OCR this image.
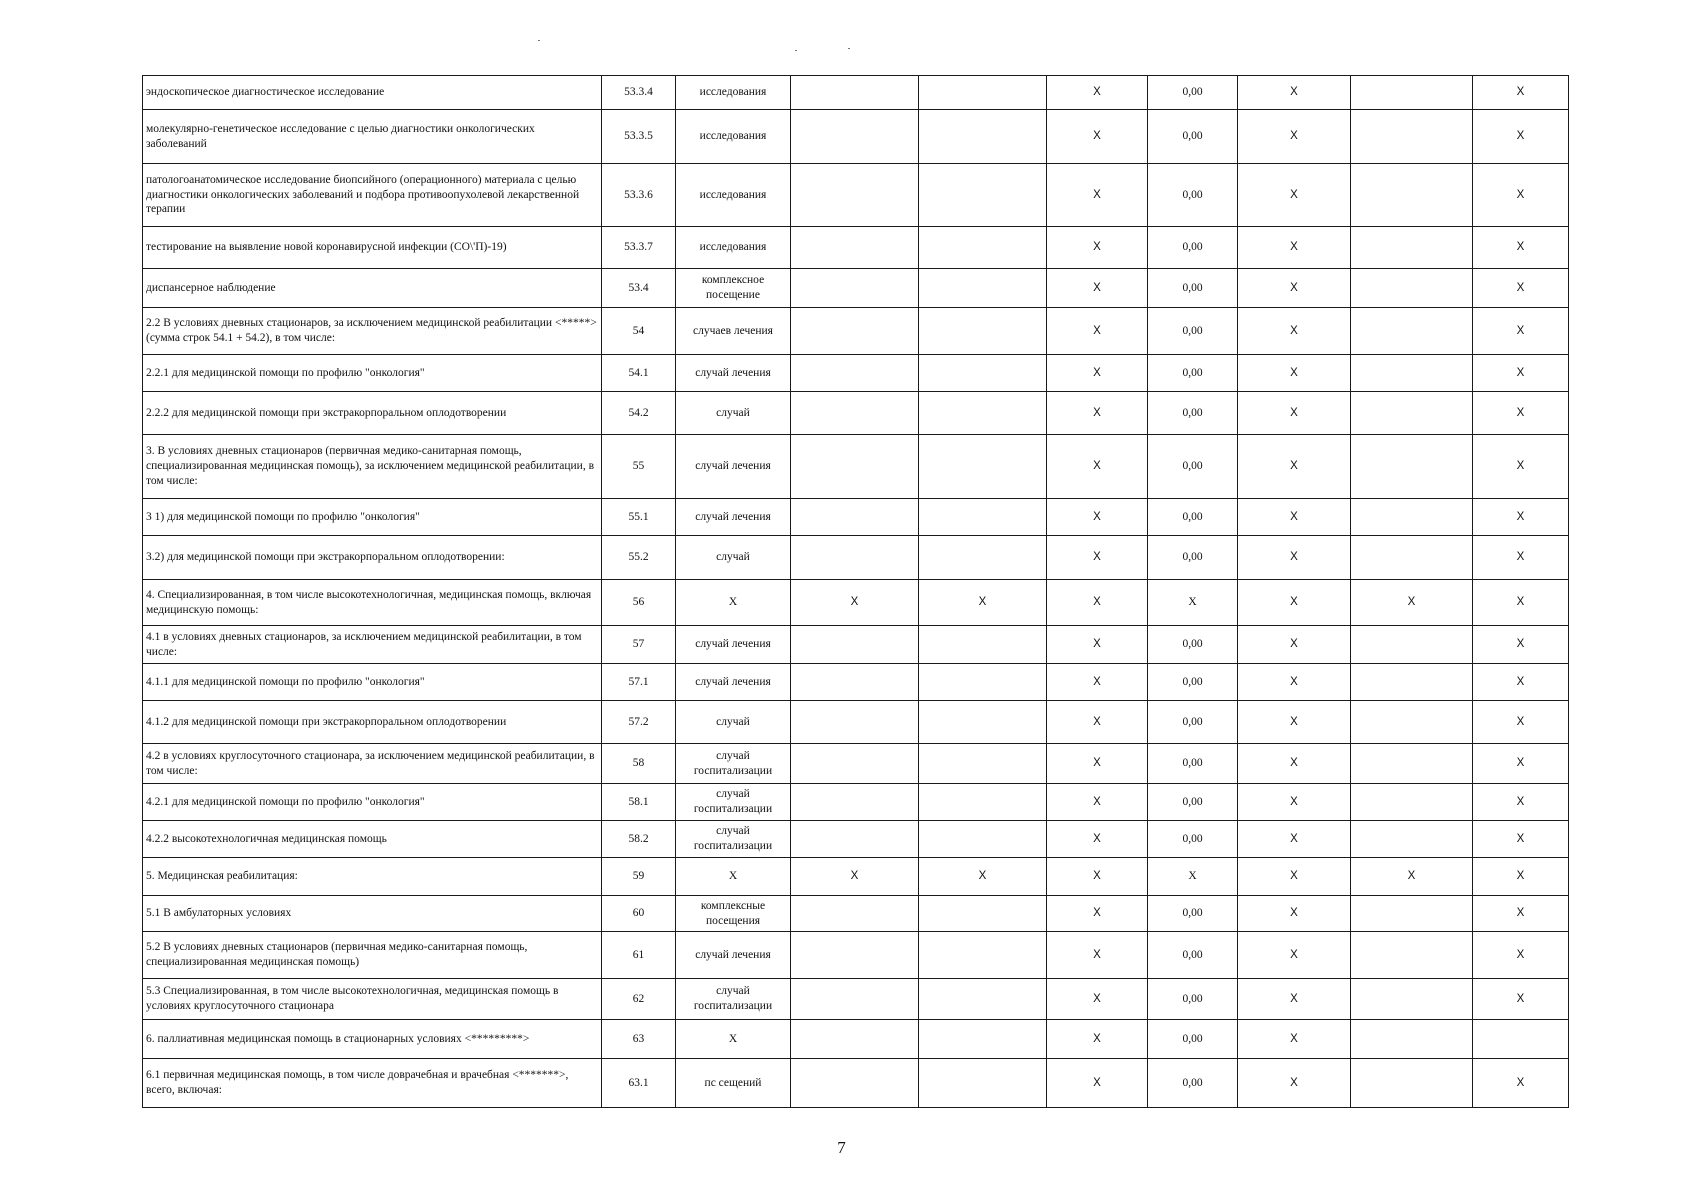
эндоскопическое диагностическое исследование	53.3.4	исследования			X	0,00	X		X
молекулярно-генетическое исследование с целью диагностики онкологических заболеваний	53.3.5	исследования			X	0,00	X		X
патологоанатомическое исследование биопсийного (операционного) материала с целью диагностики онкологических заболеваний и подбора противоопухолевой лекарственной терапии	53.3.6	исследования			X	0,00	X		X
тестирование на выявление новой коронавирусной инфекции (CO\'П)-19)	53.3.7	исследования			X	0,00	X		X
диспансерное наблюдение	53.4	комплексное посещение			X	0,00	X		X
2.2 В условиях дневных стационаров, за исключением медицинской реабилитации <*****> (сумма строк 54.1 + 54.2), в том числе:	54	случаев лечения			X	0,00	X		X
2.2.1 для медицинской помощи по профилю "онкология"	54.1	случай лечения			X	0,00	X		X
2.2.2 для медицинской помощи при экстракорпоральном оплодотворении	54.2	случай			X	0,00	X		X
3. В условиях дневных стационаров (первичная медико-санитарная помощь, специализированная медицинская помощь), за исключением медицинской реабилитации, в том числе:	55	случай лечения			X	0,00	X		X
3 1) для медицинской помощи по профилю "онкология"	55.1	случай лечения			X	0,00	X		X
3.2) для медицинской помощи при экстракорпоральном оплодотворении:	55.2	случай			X	0,00	X		X
4. Специализированная, в том числе высокотехнологичная, медицинская помощь, включая медицинскую помощь:	56	X	X	X	X	X	X	X	X
4.1 в условиях дневных стационаров, за исключением медицинской реабилитации, в том числе:	57	случай лечения			X	0,00	X		X
4.1.1 для медицинской помощи по профилю "онкология"	57.1	случай лечения			X	0,00	X		X
4.1.2 для медицинской помощи при экстракорпоральном оплодотворении	57.2	случай			X	0,00	X		X
4.2 в условиях круглосуточного стационара, за исключением медицинской реабилитации, в том числе:	58	случай госпитализации			X	0,00	X		X
4.2.1 для медицинской помощи по профилю "онкология"	58.1	случай госпитализации			X	0,00	X		X
4.2.2 высокотехнологичная медицинская помощь	58.2	случай госпитализации			X	0,00	X		X
5. Медицинская реабилитация:	59	X	X	X	X	X	X	X	X
5.1 В амбулаторных условиях	60	комплексные посещения			X	0,00	X		X
5.2 В условиях дневных стационаров (первичная медико-санитарная помощь, специализированная медицинская помощь)	61	случай лечения			X	0,00	X		X
5.3 Специализированная, в том числе высокотехнологичная, медицинская помощь в условиях круглосуточного стационара	62	случай госпитализации			X	0,00	X		X
6. паллиативная медицинская помощь в стационарных условиях <*********>	63	X			X	0,00	X		
6.1 первичная медицинская помощь, в том числе доврачебная и врачебная <*******>, всего, включая:	63.1	пс сещений			X	0,00	X		X
7
